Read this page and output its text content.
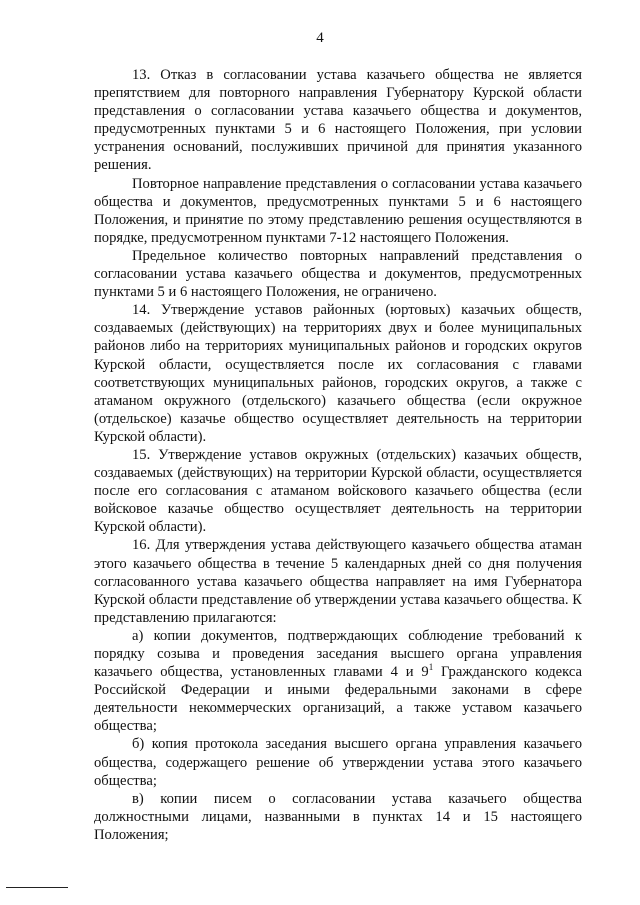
4

13. Отказ в согласовании устава казачьего общества не является препятствием для повторного направления Губернатору Курской области представления о согласовании устава казачьего общества и документов, предусмотренных пунктами 5 и 6 настоящего Положения, при условии устранения оснований, послуживших причиной для принятия указанного решения.

Повторное направление представления о согласовании устава казачьего общества и документов, предусмотренных пунктами 5 и 6 настоящего Положения, и принятие по этому представлению решения осуществляются в порядке, предусмотренном пунктами 7-12 настоящего Положения.

Предельное количество повторных направлений представления о согласовании устава казачьего общества и документов, предусмотренных пунктами 5 и 6 настоящего Положения, не ограничено.

14. Утверждение уставов районных (юртовых) казачьих обществ, создаваемых (действующих) на территориях двух и более муниципальных районов либо на территориях муниципальных районов и городских округов Курской области, осуществляется после их согласования с главами соответствующих муниципальных районов, городских округов, а также с атаманом окружного (отдельского) казачьего общества (если окружное (отдельское) казачье общество осуществляет деятельность на территории Курской области).

15. Утверждение уставов окружных (отдельских) казачьих обществ, создаваемых (действующих) на территории Курской области, осуществляется после его согласования с атаманом войскового казачьего общества (если войсковое казачье общество осуществляет деятельность на территории Курской области).

16. Для утверждения устава действующего казачьего общества атаман этого казачьего общества в течение 5 календарных дней со дня получения согласованного устава казачьего общества направляет на имя Губернатора Курской области представление об утверждении устава казачьего общества. К представлению прилагаются:

а) копии документов, подтверждающих соблюдение требований к порядку созыва и проведения заседания высшего органа управления казачьего общества, установленных главами 4 и $9^1$ Гражданского кодекса Российской Федерации и иными федеральными законами в сфере деятельности некоммерческих организаций, а также уставом казачьего общества;

б) копия протокола заседания высшего органа управления казачьего общества, содержащего решение об утверждении устава этого казачьего общества;

в) копии писем о согласовании устава казачьего общества должностными лицами, названными в пунктах 14 и 15 настоящего Положения;
